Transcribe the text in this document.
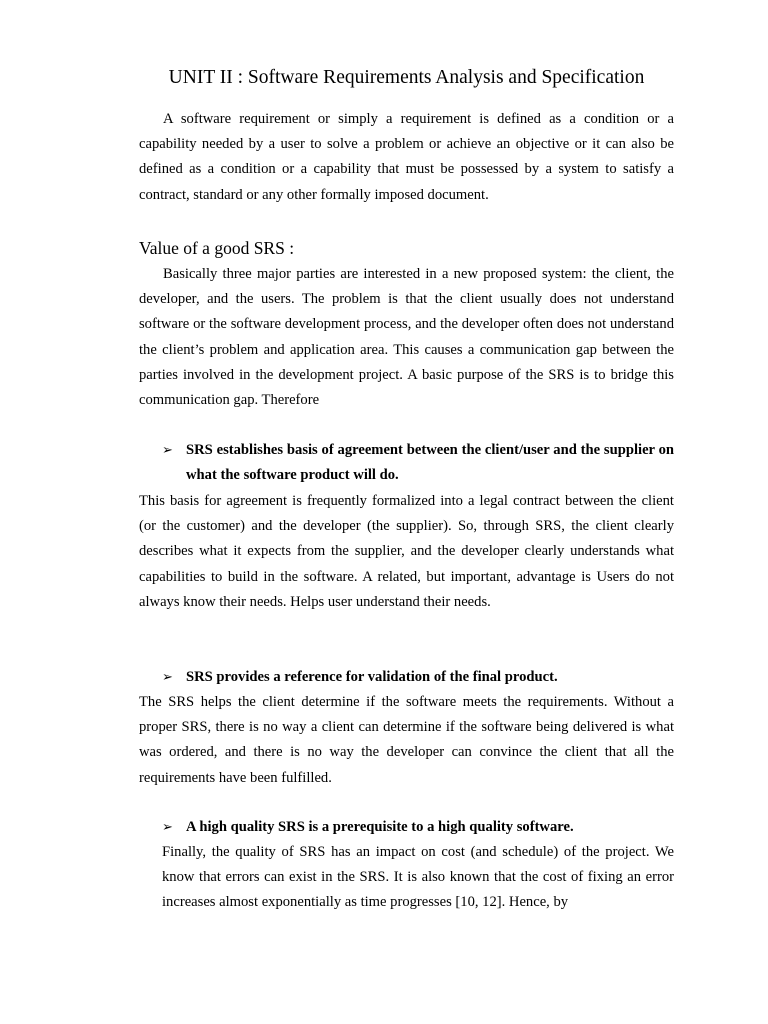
UNIT II : Software Requirements Analysis and Specification

A software requirement or simply a requirement is defined as a condition or a capability needed by a user to solve a problem or achieve an objective or it can also be defined as a condition or a capability that must be possessed by a system to satisfy a contract, standard or any other formally imposed document.

Value of a good SRS :

Basically three major parties are interested in a new proposed system: the client, the developer, and the users. The problem is that the client usually does not understand software or the software development process, and the developer often does not understand the client’s problem and application area. This causes a communication gap between the parties involved in the development project. A basic purpose of the SRS is to bridge this communication gap. Therefore

➢ SRS establishes basis of agreement between the client/user and the supplier on what the software product will do.

This basis for agreement is frequently formalized into a legal contract between the client (or the customer) and the developer (the supplier). So, through SRS, the client clearly describes what it expects from the supplier, and the developer clearly understands what capabilities to build in the software. A related, but important, advantage is Users do not always know their needs. Helps user understand their needs.

➢ SRS provides a reference for validation of the final product.

The SRS helps the client determine if the software meets the requirements. Without a proper SRS, there is no way a client can determine if the software being delivered is what was ordered, and there is no way the developer can convince the client that all the requirements have been fulfilled.

➢ A high quality SRS is a prerequisite to a high quality software.

Finally, the quality of SRS has an impact on cost (and schedule) of the project. We know that errors can exist in the SRS. It is also known that the cost of fixing an error increases almost exponentially as time progresses [10, 12]. Hence, by
